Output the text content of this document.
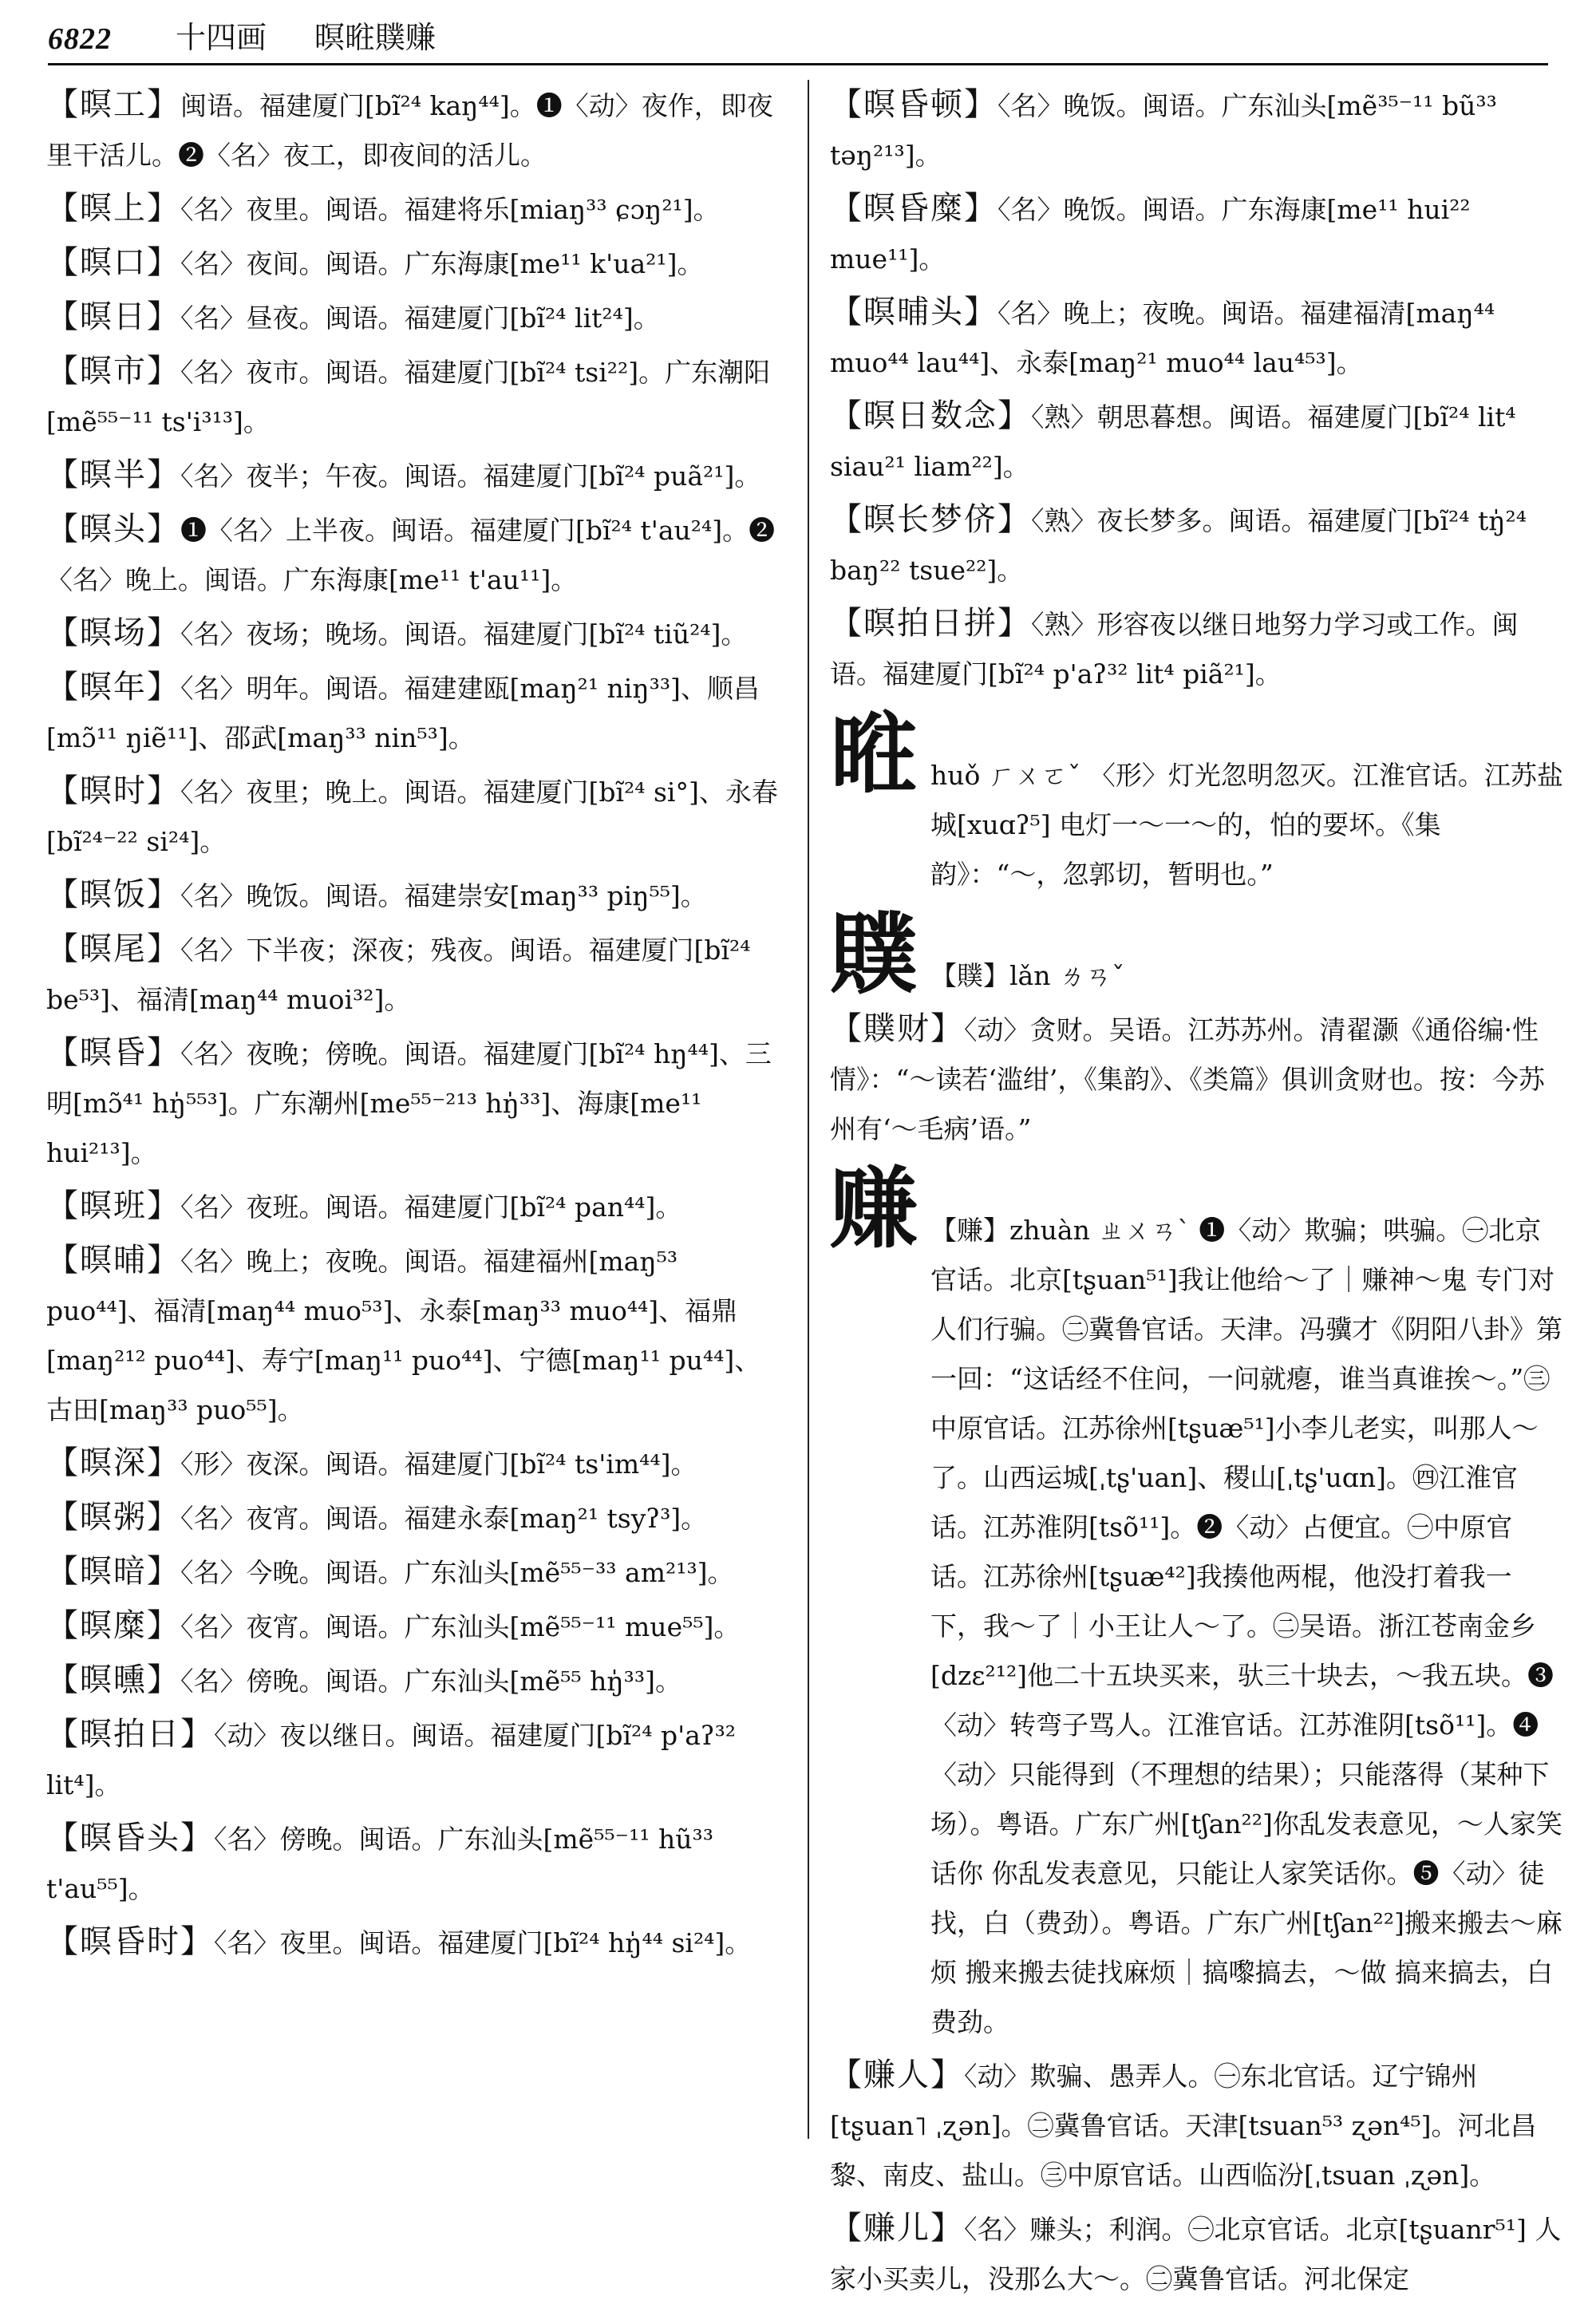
6822 十四画 暝暀贌赚

【暝工】闽语。福建厦门[bĩ²⁴ kaŋ⁴⁴]。❶〈动〉夜作，即夜里干活儿。❷〈名〉夜工，即夜间的活儿。

【暝上】〈名〉夜里。闽语。福建将乐[miaŋ³³ ɕɔŋ²¹]。

【暝口】〈名〉夜间。闽语。广东海康[me¹¹ k'ua²¹]。

【暝日】〈名〉昼夜。闽语。福建厦门[bĩ²⁴ lit²⁴]。

【暝市】〈名〉夜市。闽语。福建厦门[bĩ²⁴ tsi²²]。广东潮阳[mẽ⁵⁵⁻¹¹ ts'i³¹³]。

【暝半】〈名〉夜半；午夜。闽语。福建厦门[bĩ²⁴ puã²¹]。

【暝头】❶〈名〉上半夜。闽语。福建厦门[bĩ²⁴ t'au²⁴]。❷〈名〉晚上。闽语。广东海康[me¹¹ t'au¹¹]。

【暝场】〈名〉夜场；晚场。闽语。福建厦门[bĩ²⁴ tiũ²⁴]。

【暝年】〈名〉明年。闽语。福建建瓯[maŋ²¹ niŋ³³]、顺昌[mɔ̃¹¹ ŋiẽ¹¹]、邵武[maŋ³³ nin⁵³]。

【暝时】〈名〉夜里；晚上。闽语。福建厦门[bĩ²⁴ si°]、永春[bĩ²⁴⁻²² si²⁴]。

【暝饭】〈名〉晚饭。闽语。福建崇安[maŋ³³ piŋ⁵⁵]。

【暝尾】〈名〉下半夜；深夜；残夜。闽语。福建厦门[bĩ²⁴ be⁵³]、福清[maŋ⁴⁴ muoi³²]。

【暝昏】〈名〉夜晚；傍晚。闽语。福建厦门[bĩ²⁴ hŋ⁴⁴]、三明[mɔ̃⁴¹ hŋ̍⁵⁵³]。广东潮州[me⁵⁵⁻²¹³ hŋ̍³³]、海康[me¹¹ hui²¹³]。

【暝班】〈名〉夜班。闽语。福建厦门[bĩ²⁴ pan⁴⁴]。

【暝晡】〈名〉晚上；夜晚。闽语。福建福州[maŋ⁵³ puo⁴⁴]、福清[maŋ⁴⁴ muo⁵³]、永泰[maŋ³³ muo⁴⁴]、福鼎[maŋ²¹² puo⁴⁴]、寿宁[maŋ¹¹ puo⁴⁴]、宁德[maŋ¹¹ pu⁴⁴]、古田[maŋ³³ puo⁵⁵]。

【暝深】〈形〉夜深。闽语。福建厦门[bĩ²⁴ ts'im⁴⁴]。

【暝粥】〈名〉夜宵。闽语。福建永泰[maŋ²¹ tsyʔ³]。

【暝暗】〈名〉今晚。闽语。广东汕头[mẽ⁵⁵⁻³³ am²¹³]。

【暝糜】〈名〉夜宵。闽语。广东汕头[mẽ⁵⁵⁻¹¹ mue⁵⁵]。

【暝曛】〈名〉傍晚。闽语。广东汕头[mẽ⁵⁵ hŋ̍³³]。

【暝拍日】〈动〉夜以继日。闽语。福建厦门[bĩ²⁴ p'aʔ³² lit⁴]。

【暝昏头】〈名〉傍晚。闽语。广东汕头[mẽ⁵⁵⁻¹¹ hũ³³ t'au⁵⁵]。

【暝昏时】〈名〉夜里。闽语。福建厦门[bĩ²⁴ hŋ̍⁴⁴ si²⁴]。

【暝昏顿】〈名〉晚饭。闽语。广东汕头[mẽ³⁵⁻¹¹ bũ³³ təŋ²¹³]。

【暝昏糜】〈名〉晚饭。闽语。广东海康[me¹¹ hui²² mue¹¹]。

【暝晡头】〈名〉晚上；夜晚。闽语。福建福清[maŋ⁴⁴ muo⁴⁴ lau⁴⁴]、永泰[maŋ²¹ muo⁴⁴ lau⁴⁵³]。

【暝日数念】〈熟〉朝思暮想。闽语。福建厦门[bĩ²⁴ lit⁴ siau²¹ liam²²]。

【暝长梦侪】〈熟〉夜长梦多。闽语。福建厦门[bĩ²⁴ tŋ̍²⁴ baŋ²² tsue²²]。

【暝拍日拼】〈熟〉形容夜以继日地努力学习或工作。闽语。福建厦门[bĩ²⁴ p'aʔ³² lit⁴ piã²¹]。

暀 huǒ ㄏㄨㄛˇ 〈形〉灯光忽明忽灭。江淮官话。江苏盐城[xuɑʔ⁵] 电灯一～一～的，怕的要坏。《集韵》：“～，忽郭切，暂明也。”
贌 【贌】lǎn ㄌㄢˇ

【贌财】〈动〉贪财。吴语。江苏苏州。清翟灏《通俗编·性情》：“～读若‘滥绀’，《集韵》、《类篇》俱训贪财也。按：今苏州有‘～毛病’语。”

赚 【赚】zhuàn ㄓㄨㄢˋ ❶〈动〉欺骗；哄骗。㊀北京官话。北京[tʂuan⁵¹]我让他给～了｜赚神～鬼 专门对人们行骗。㊁冀鲁官话。天津。冯骥才《阴阳八卦》第一回：“这话经不住问，一问就瘪，谁当真谁挨～。”㊂中原官话。江苏徐州[tʂuæ⁵¹]小李儿老实，叫那人～了。山西运城[ˌtʂ'uan]、稷山[ˌtʂ'uɑn]。㊃江淮官话。江苏淮阴[tsõ¹¹]。❷〈动〉占便宜。㊀中原官话。江苏徐州[tʂuæ⁴²]我揍他两棍，他没打着我一下，我～了｜小王让人～了。㊁吴语。浙江苍南金乡[dzɛ²¹²]他二十五块买来，驮三十块去，～我五块。❸〈动〉转弯子骂人。江淮官话。江苏淮阴[tsõ¹¹]。❹〈动〉只能得到（不理想的结果）；只能落得（某种下场）。粤语。广东广州[tʃan²²]你乱发表意见，～人家笑话你 你乱发表意见，只能让人家笑话你。❺〈动〉徒找，白（费劲）。粤语。广东广州[tʃan²²]搬来搬去～麻烦 搬来搬去徒找麻烦｜搞嚟搞去，～做 搞来搞去，白费劲。

【赚人】〈动〉欺骗、愚弄人。㊀东北官话。辽宁锦州[tʂuan˥ ˌʐən]。㊁冀鲁官话。天津[tsuan⁵³ ʐən⁴⁵]。河北昌黎、南皮、盐山。㊂中原官话。山西临汾[ˌtsuan ˌʐən]。

【赚儿】〈名〉赚头；利润。㊀北京官话。北京[tʂuanr⁵¹] 人家小买卖儿，没那么大～。㊁冀鲁官话。河北保定
